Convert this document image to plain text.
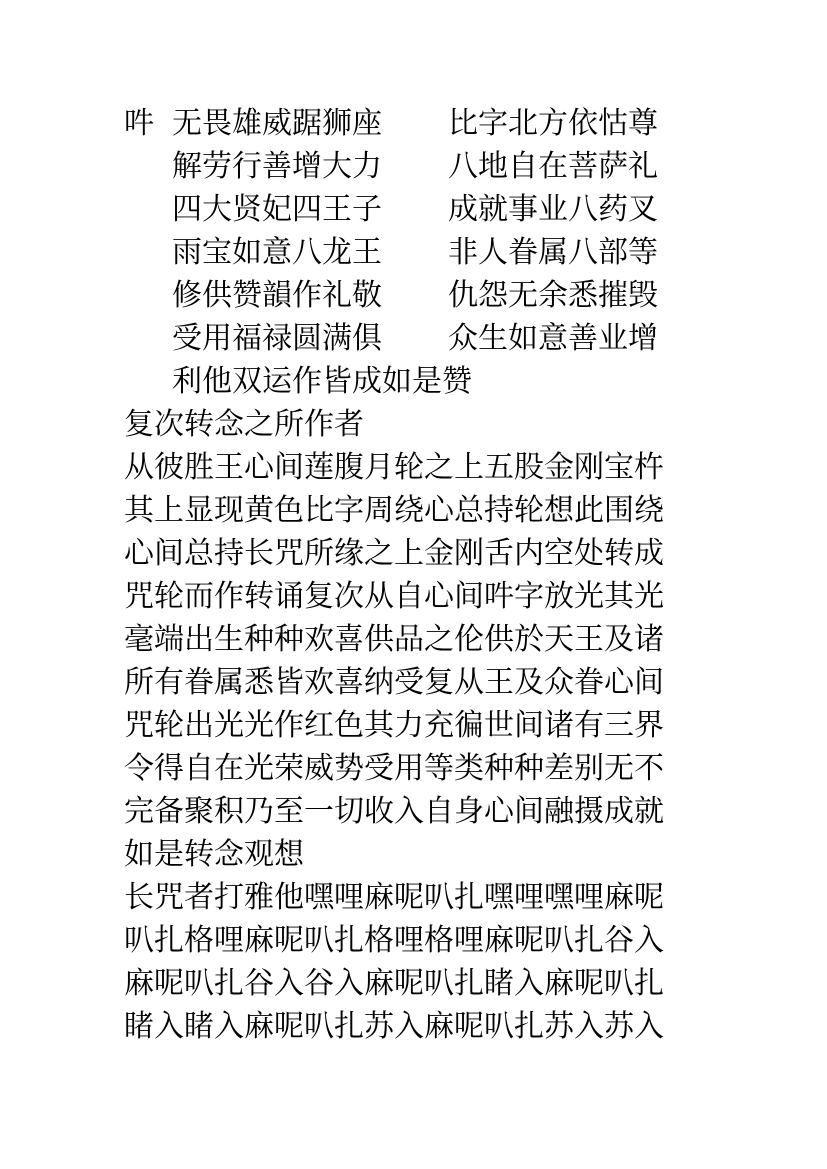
吽 无畏雄威踞狮座 比字北方依怙尊
解劳行善增大力 八地自在菩萨礼
四大贤妃四王子 成就事业八药叉
雨宝如意八龙王 非人眷属八部等
修供赞韻作礼敬 仇怨无余悉摧毁
受用福禄圆满俱 众生如意善业增
利他双运作皆成如是赞

复次转念之所作者

从彼胜王心间莲腹月轮之上五股金刚宝杵

其上显现黄色比字周绕心总持轮想此围绕

心间总持长咒所缘之上金刚舌内空处转成

咒轮而作转诵复次从自心间吽字放光其光

毫端出生种种欢喜供品之伦供於天王及诸

所有眷属悉皆欢喜纳受复从王及众眷心间

咒轮出光光作红色其力充徧世间诸有三界

令得自在光荣威势受用等类种种差别无不

完备聚积乃至一切收入自身心间融摄成就

如是转念观想

长咒者打雅他嘿哩麻呢叭扎嘿哩嘿哩麻呢

叭扎格哩麻呢叭扎格哩格哩麻呢叭扎谷入

麻呢叭扎谷入谷入麻呢叭扎睹入麻呢叭扎

睹入睹入麻呢叭扎苏入麻呢叭扎苏入苏入
